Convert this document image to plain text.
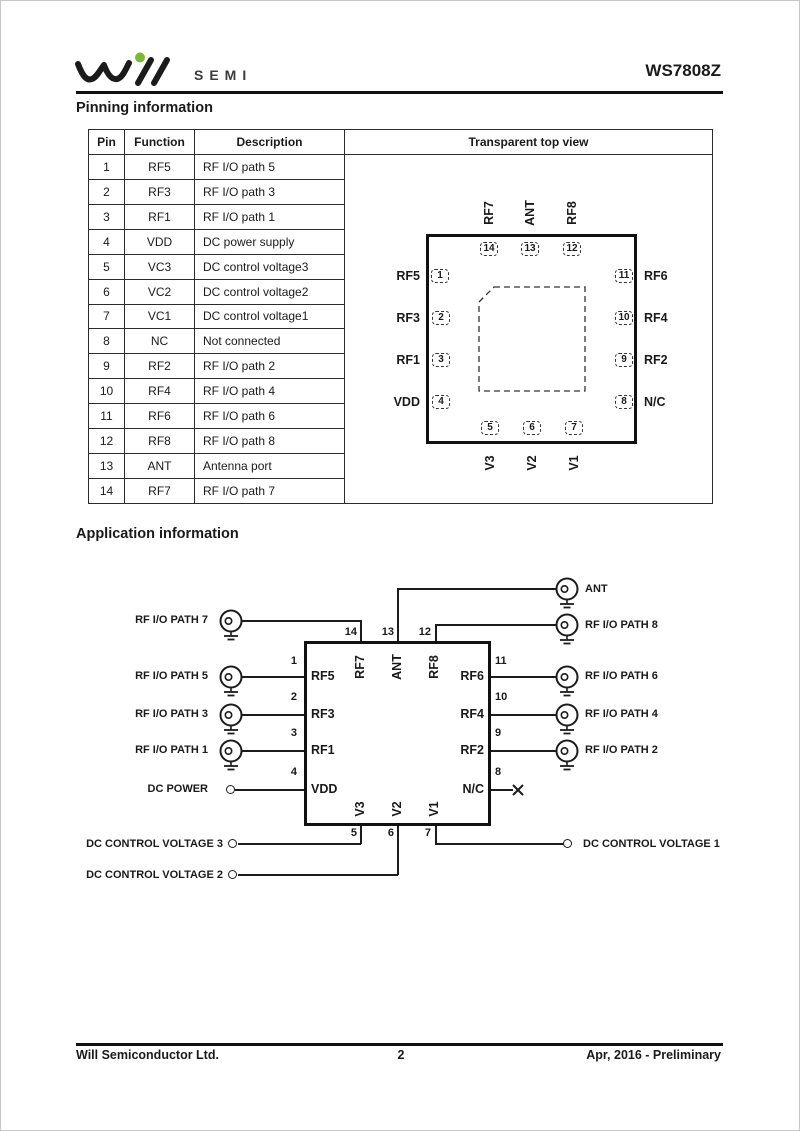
SEMI	WS7808Z
Pinning information
Pin	Function	Description
1	RF5	RF I/O path 5
2	RF3	RF I/O path 3
3	RF1	RF I/O path 1
4	VDD	DC power supply
5	VC3	DC control voltage3
6	VC2	DC control voltage2
7	VC1	DC control voltage1
8	NC	Not connected
9	RF2	RF I/O path 2
10	RF4	RF I/O path 4
11	RF6	RF I/O path 6
12	RF8	RF I/O path 8
13	ANT	Antenna port
14	RF7	RF I/O path 7
Transparent top view
14	13	12
1
2
3
4
11
10
9
8
5	6	7
RF5
RF3
RF1
VDD
RF6
RF4
RF2
N/C
RF7 ANT RF8
V3 V2 V1
Application information
RF I/O PATH 7
RF I/O PATH 5
RF I/O PATH 3
RF I/O PATH 1
DC POWER
ANT
RF I/O PATH 8
RF I/O PATH 6
RF I/O PATH 4
RF I/O PATH 2
DC CONTROL VOLTAGE 3
DC CONTROL VOLTAGE 2
DC CONTROL VOLTAGE 1
14	13	12
1
2
3
4
11
10
9
8
5	6	7
RF5
RF3
RF1
VDD
RF6
RF4
RF2
N/C
RF7 ANT RF8
V3 V2 V1
Will Semiconductor Ltd.	2	Apr, 2016 - Preliminary
